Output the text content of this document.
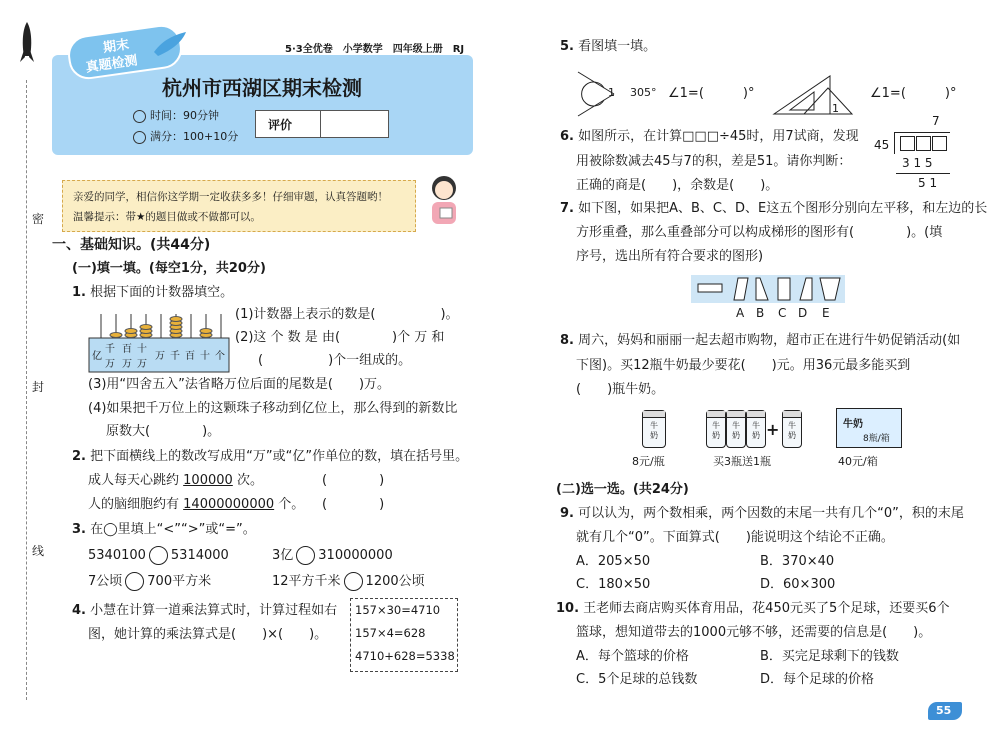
密
封
线
期末
真题检测
5·3全优卷　小学数学　四年级上册　RJ
杭州市西湖区期末检测
时间：90分钟
满分：100+10分
评价
亲爱的同学，相信你这学期一定收获多多！仔细审题，认真答题哟！
温馨提示：带★的题目做或不做都可以。
一、基础知识。(共44分)
(一)填一填。(每空1分，共20分)
1. 根据下面的计数器填空。
亿
千万
百万
十万
万 千 百 十 个
(1)计数器上表示的数是(　　　　　)。
(2)这 个 数 是 由(　　　　)个 万 和
(　　　　　)个一组成的。
(3)用“四舍五入”法省略万位后面的尾数是(　　)万。
(4)如果把千万位上的这颗珠子移动到亿位上，那么得到的新数比
原数大(　　　　)。
2. 把下面横线上的数改写成用“万”或“亿”作单位的数，填在括号里。
成人每天心跳约 100000 次。	(　　　　)
人的脑细胞约有 14000000000 个。 (　　　　)
3. 在◯里填上“<”“>”或“=”。
5340100 5314000	3亿 310000000
7公顷 700平方米	12平方千米 1200公顷
4. 小慧在计算一道乘法算式时，计算过程如右
图，她计算的乘法算式是(　　)×(　　)。
157×30=4710
157×4=628
4710+628=5338
5. 看图填一填。
1 305° ∠1=(　　　)°
1
∠1=(　　　)°
6. 如图所示，在计算□□□÷45时，用7试商，发现
用被除数减去45与7的积，差是51。请你判断：
正确的商是(　　)，余数是(　　)。
7
45
3 1 5
5 1
7. 如下图，如果把A、B、C、D、E这五个图形分别向左平移，和左边的长
方形重叠，那么重叠部分可以构成梯形的图形有(　　　　)。(填
序号，选出所有符合要求的图形)
A B C D E
8. 周六，妈妈和丽丽一起去超市购物，超市正在进行牛奶促销活动(如
下图)。买12瓶牛奶最少要花(　　)元。用36元最多能买到
(　　)瓶牛奶。
牛奶
牛奶
牛奶
牛奶 + 牛奶
牛奶
8瓶/箱
8元/瓶	买3瓶送1瓶	40元/箱
(二)选一选。(共24分)
9. 可以认为，两个数相乘，两个因数的末尾一共有几个“0”，积的末尾
就有几个“0”。下面算式(　　)能说明这个结论不正确。
A．205×50	B．370×40
C．180×50	D．60×300
10. 王老师去商店购买体育用品，花450元买了5个足球，还要买6个
篮球，想知道带去的1000元够不够，还需要的信息是(　　)。
A．每个篮球的价格	B．买完足球剩下的钱数
C．5个足球的总钱数	D．每个足球的价格
55
